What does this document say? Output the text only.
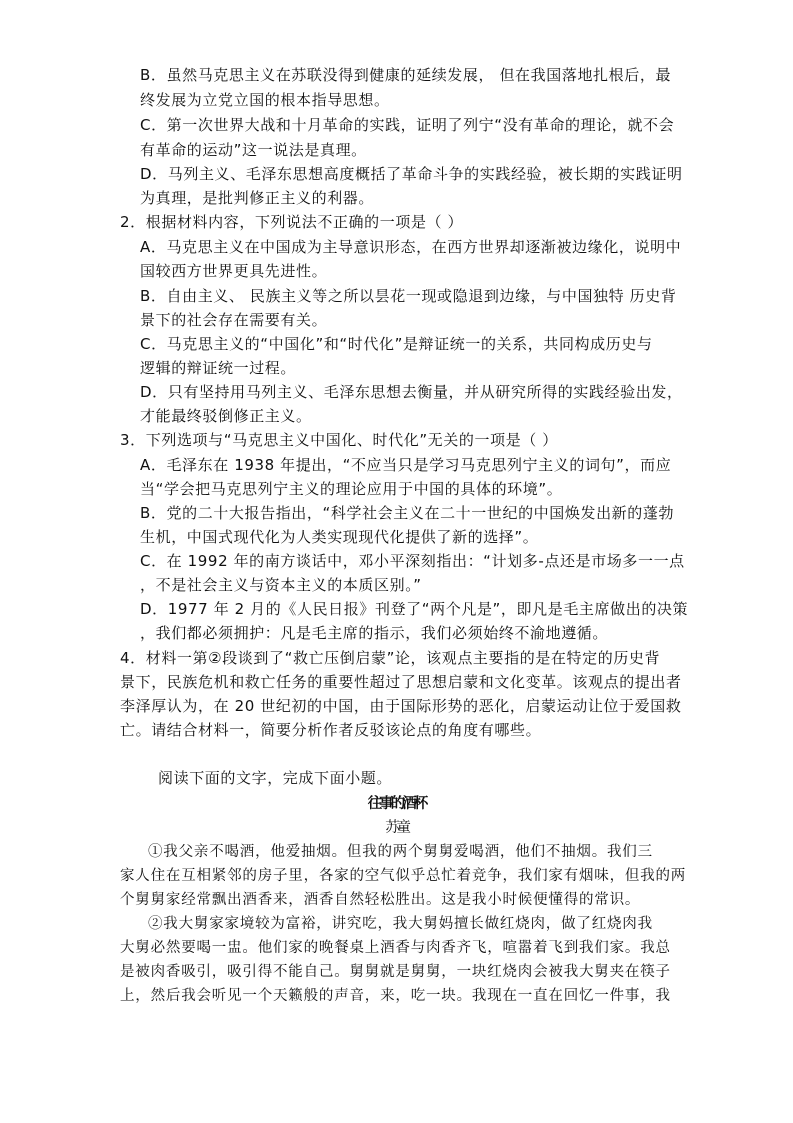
B．虽然马克思主义在苏联没得到健康的延续发展， 但在我国落地扎根后，最
终发展为立党立国的根本指导思想。
C．第一次世界大战和十月革命的实践，证明了列宁“没有革命的理论，就不会
有革命的运动”这一说法是真理。
D．马列主义、毛泽东思想高度概括了革命斗争的实践经验，被长期的实践证明
为真理，是批判修正主义的利器。
2．根据材料内容，下列说法不正确的一项是（ ）
A．马克思主义在中国成为主导意识形态，在西方世界却逐渐被边缘化，说明中
国较西方世界更具先进性。
B．自由主义、 民族主义等之所以昙花一现或隐退到边缘，与中国独特 历史背
景下的社会存在需要有关。
C．马克思主义的“中国化”和“时代化”是辩证统一的关系，共同构成历史与
逻辑的辩证统一过程。
D．只有坚持用马列主义、毛泽东思想去衡量，并从研究所得的实践经验出发，
才能最终驳倒修正主义。
3．下列选项与“马克思主义中国化、时代化”无关的一项是（ ）
A．毛泽东在 1938 年提出，“不应当只是学习马克思列宁主义的词句”，而应
当“学会把马克思列宁主义的理论应用于中国的具体的环境”。
B．党的二十大报告指出，“科学社会主义在二十一世纪的中国焕发出新的蓬勃
生机，中国式现代化为人类实现现代化提供了新的选择”。
C．在 1992 年的南方谈话中，邓小平深刻指出：“计划多-点还是市场多一一点
，不是社会主义与资本主义的本质区别。”
D．1977 年 2 月的《人民日报》刊登了“两个凡是”，即凡是毛主席做出的决策
，我们都必须拥护：凡是毛主席的指示，我们必须始终不渝地遵循。
4．材料一第②段谈到了“救亡压倒启蒙”论，该观点主要指的是在特定的历史背
景下，民族危机和救亡任务的重要性超过了思想启蒙和文化变革。该观点的提出者
李泽厚认为，在 20 世纪初的中国，由于国际形势的恶化，启蒙运动让位于爱国救
亡。请结合材料一，简要分析作者反驳该论点的角度有哪些。
阅读下面的文字，完成下面小题。
往事的酒杯
苏童
①我父亲不喝酒，他爱抽烟。但我的两个舅舅爱喝酒，他们不抽烟。我们三
家人住在互相紧邻的房子里，各家的空气似乎总忙着竞争，我们家有烟味，但我的两
个舅舅家经常飘出酒香来，酒香自然轻松胜出。这是我小时候便懂得的常识。
②我大舅家家境较为富裕，讲究吃，我大舅妈擅长做红烧肉，做了红烧肉我
大舅必然要喝一盅。他们家的晚餐桌上酒香与肉香齐飞，喧嚣着飞到我们家。我总
是被肉香吸引，吸引得不能自己。舅舅就是舅舅，一块红烧肉会被我大舅夹在筷子
上，然后我会听见一个天籁般的声音，来，吃一块。我现在一直在回忆一件事，我
